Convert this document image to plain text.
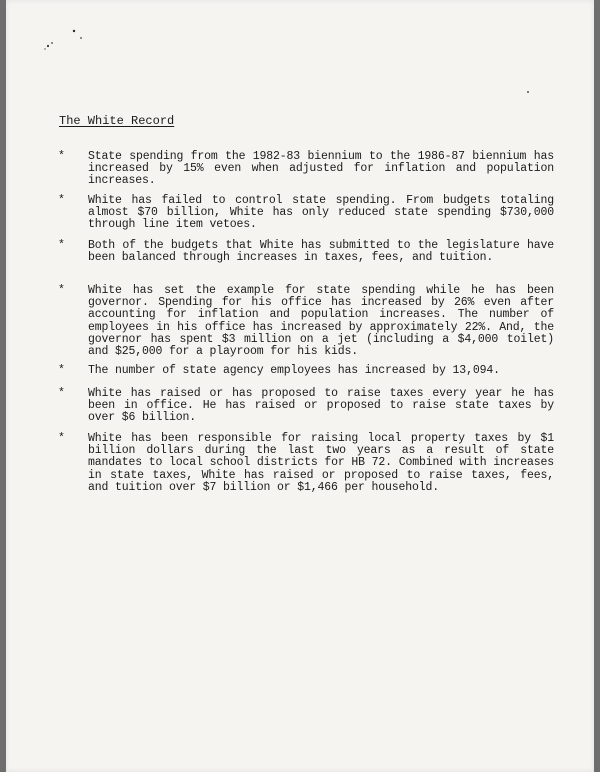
The White Record
* State spending from the 1982-83 biennium to the 1986-87 biennium has increased by 15% even when adjusted for inflation and population increases.
* White has failed to control state spending. From budgets totaling almost $70 billion, White has only reduced state spending $730,000 through line item vetoes.
* Both of the budgets that White has submitted to the legislature have been balanced through increases in taxes, fees, and tuition.
* White has set the example for state spending while he has been governor. Spending for his office has increased by 26% even after accounting for inflation and population increases. The number of employees in his office has increased by approximately 22%. And, the governor has spent $3 million on a jet (including a $4,000 toilet) and $25,000 for a playroom for his kids.
* The number of state agency employees has increased by 13,094.
* White has raised or has proposed to raise taxes every year he has been in office. He has raised or proposed to raise state taxes by over $6 billion.
* White has been responsible for raising local property taxes by $1 billion dollars during the last two years as a result of state mandates to local school districts for HB 72. Combined with increases in state taxes, White has raised or proposed to raise taxes, fees, and tuition over $7 billion or $1,466 per household.
